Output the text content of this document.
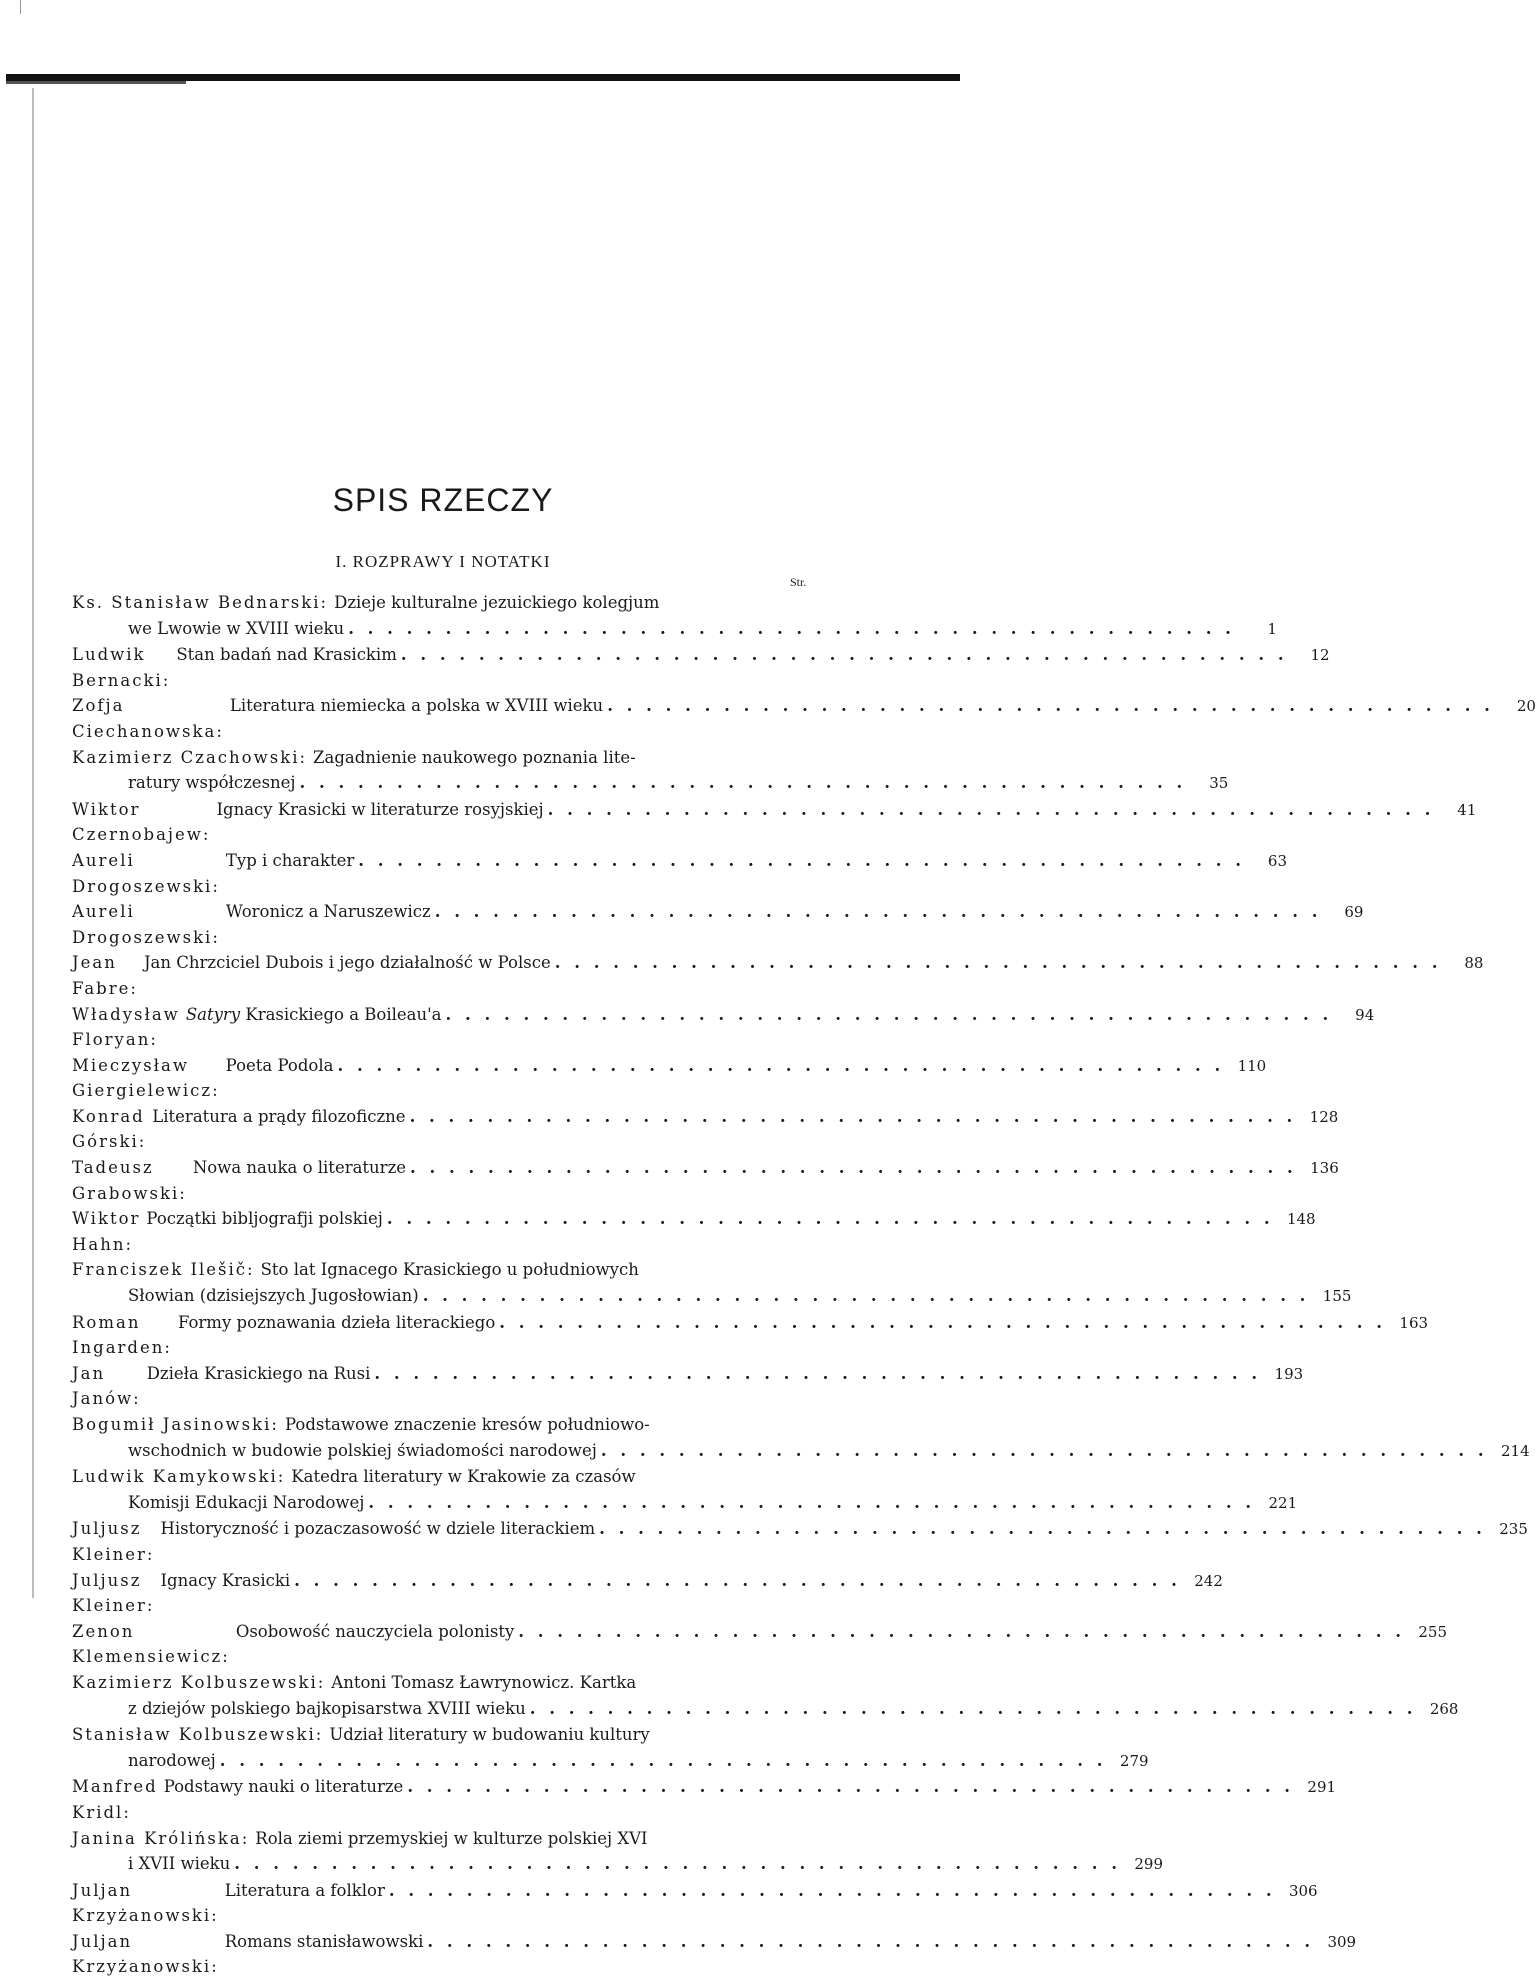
SPIS RZECZY
I. ROZPRAWY I NOTATKI
Str.
Ks. Stanisław Bednarski: Dzieje kulturalne jezuickiego kolegjum
we Lwowie w XVIII wieku . . . . . . . . . . . . . . . . . . . . . . . . . . . . . . . . . . . . . . . . . . . . . .	1
Ludwik Bernacki:
Stan badań nad Krasickim . . . . . . . . . . . . . . . . . . . . . . . . . . . . . . . . . . . . . . . . . . . . . .	12
Zofja Ciechanowska:
Literatura niemiecka a polska w XVIII wieku . . . . . . . . . . . . . . . . . . . . . . . . . . . . . . . . . . . . . . . . . . . . . .	20
Kazimierz Czachowski: Zagadnienie naukowego poznania lite-
ratury współczesnej . . . . . . . . . . . . . . . . . . . . . . . . . . . . . . . . . . . . . . . . . . . . . .	35
Wiktor Czernobajew:
Ignacy Krasicki w literaturze rosyjskiej . . . . . . . . . . . . . . . . . . . . . . . . . . . . . . . . . . . . . . . . . . . . . .	41
Aureli Drogoszewski:
Typ i charakter . . . . . . . . . . . . . . . . . . . . . . . . . . . . . . . . . . . . . . . . . . . . . .	63
Aureli Drogoszewski:
Woronicz a Naruszewicz . . . . . . . . . . . . . . . . . . . . . . . . . . . . . . . . . . . . . . . . . . . . . .	69
Jean Fabre:
Jan Chrzciciel Dubois i jego działalność w Polsce . . . . . . . . . . . . . . . . . . . . . . . . . . . . . . . . . . . . . . . . . . . . . .	88
Władysław Floryan:
Satyry Krasickiego a Boileau'a . . . . . . . . . . . . . . . . . . . . . . . . . . . . . . . . . . . . . . . . . . . . . .	94
Mieczysław Giergielewicz:
Poeta Podola . . . . . . . . . . . . . . . . . . . . . . . . . . . . . . . . . . . . . . . . . . . . . . 110
Konrad Górski:
Literatura a prądy filozoficzne . . . . . . . . . . . . . . . . . . . . . . . . . . . . . . . . . . . . . . . . . . . . . . 128
Tadeusz Grabowski:
Nowa nauka o literaturze . . . . . . . . . . . . . . . . . . . . . . . . . . . . . . . . . . . . . . . . . . . . . . 136
Wiktor Hahn:
Początki bibljografji polskiej . . . . . . . . . . . . . . . . . . . . . . . . . . . . . . . . . . . . . . . . . . . . . . 148
Franciszek Ilešič: Sto lat Ignacego Krasickiego u południowych
Słowian (dzisiejszych Jugosłowian) . . . . . . . . . . . . . . . . . . . . . . . . . . . . . . . . . . . . . . . . . . . . . . 155
Roman Ingarden:
Formy poznawania dzieła literackiego . . . . . . . . . . . . . . . . . . . . . . . . . . . . . . . . . . . . . . . . . . . . . . 163
Jan Janów:
Dzieła Krasickiego na Rusi . . . . . . . . . . . . . . . . . . . . . . . . . . . . . . . . . . . . . . . . . . . . . . 193
Bogumił Jasinowski: Podstawowe znaczenie kresów południowo-
wschodnich w budowie polskiej świadomości narodowej . . . . . . . . . . . . . . . . . . . . . . . . . . . . . . . . . . . . . . . . . . . . . . 214
Ludwik Kamykowski: Katedra literatury w Krakowie za czasów
Komisji Edukacji Narodowej . . . . . . . . . . . . . . . . . . . . . . . . . . . . . . . . . . . . . . . . . . . . . . 221
Juljusz Kleiner:
Historyczność i pozaczasowość w dziele literackiem . . . . . . . . . . . . . . . . . . . . . . . . . . . . . . . . . . . . . . . . . . . . . . 235
Juljusz Kleiner:
Ignacy Krasicki . . . . . . . . . . . . . . . . . . . . . . . . . . . . . . . . . . . . . . . . . . . . . . 242
Zenon Klemensiewicz:
Osobowość nauczyciela polonisty . . . . . . . . . . . . . . . . . . . . . . . . . . . . . . . . . . . . . . . . . . . . . . 255
Kazimierz Kolbuszewski: Antoni Tomasz Ławrynowicz. Kartka
z dziejów polskiego bajkopisarstwa XVIII wieku . . . . . . . . . . . . . . . . . . . . . . . . . . . . . . . . . . . . . . . . . . . . . . 268
Stanisław Kolbuszewski: Udział literatury w budowaniu kultury
narodowej . . . . . . . . . . . . . . . . . . . . . . . . . . . . . . . . . . . . . . . . . . . . . . 279
Manfred Kridl:
Podstawy nauki o literaturze . . . . . . . . . . . . . . . . . . . . . . . . . . . . . . . . . . . . . . . . . . . . . . 291
Janina Królińska: Rola ziemi przemyskiej w kulturze polskiej XVI
i XVII wieku . . . . . . . . . . . . . . . . . . . . . . . . . . . . . . . . . . . . . . . . . . . . . . 299
Juljan Krzyżanowski:
Literatura a folklor . . . . . . . . . . . . . . . . . . . . . . . . . . . . . . . . . . . . . . . . . . . . . . 306
Juljan Krzyżanowski:
Romans stanisławowski . . . . . . . . . . . . . . . . . . . . . . . . . . . . . . . . . . . . . . . . . . . . . . 309
